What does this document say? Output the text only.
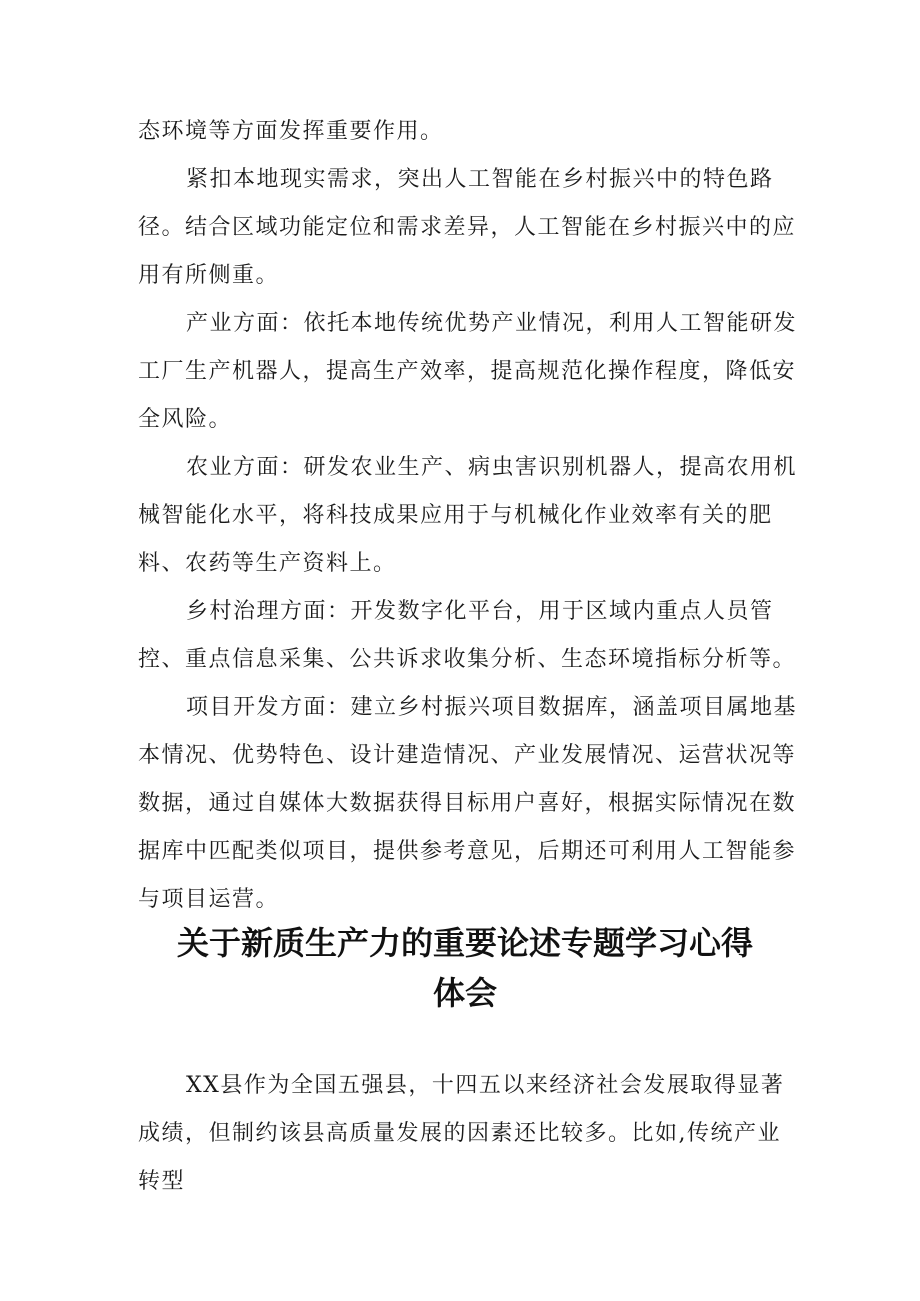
态环境等方面发挥重要作用。

紧扣本地现实需求，突出人工智能在乡村振兴中的特色路径。结合区域功能定位和需求差异，人工智能在乡村振兴中的应用有所侧重。

产业方面：依托本地传统优势产业情况，利用人工智能研发工厂生产机器人，提高生产效率，提高规范化操作程度，降低安全风险。

农业方面：研发农业生产、病虫害识别机器人，提高农用机械智能化水平，将科技成果应用于与机械化作业效率有关的肥料、农药等生产资料上。

乡村治理方面：开发数字化平台，用于区域内重点人员管控、重点信息采集、公共诉求收集分析、生态环境指标分析等。

项目开发方面：建立乡村振兴项目数据库，涵盖项目属地基本情况、优势特色、设计建造情况、产业发展情况、运营状况等数据，通过自媒体大数据获得目标用户喜好，根据实际情况在数据库中匹配类似项目，提供参考意见，后期还可利用人工智能参与项目运营。

关于新质生产力的重要论述专题学习心得
体会

XX县作为全国五强县，十四五以来经济社会发展取得显著成绩，但制约该县高质量发展的因素还比较多。比如,传统产业转型
